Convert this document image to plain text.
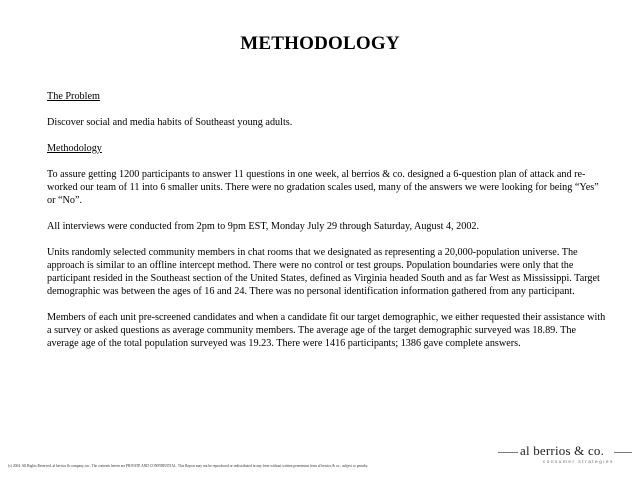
METHODOLOGY

The Problem

Discover social and media habits of Southeast young adults.

Methodology

To assure getting 1200 participants to answer 11 questions in one week, al berrios & co. designed a 6-question plan of attack and re-worked our team of 11 into 6 smaller units. There were no gradation scales used, many of the answers we were looking for being “Yes” or “No”.

All interviews were conducted from 2pm to 9pm EST, Monday July 29 through Saturday, August 4, 2002.

Units randomly selected community members in chat rooms that we designated as representing a 20,000-population universe. The approach is similar to an offline intercept method. There were no control or test groups. Population boundaries were only that the participant resided in the Southeast section of the United States, defined as Virginia headed South and as far West as Mississippi. Target demographic was between the ages of 16 and 24. There was no personal identification information gathered from any participant.

Members of each unit pre-screened candidates and when a candidate fit our target demographic, we either requested their assistance with a survey or asked questions as average community members. The average age of the target demographic surveyed was 18.89. The average age of the total population surveyed was 19.23. There were 1416 participants; 1386 gave complete answers.

al berrios & co.
consumer strategies
(c) 2004. All Rights Reserved. al berrios & company, inc. The contents herein are PRIVATE AND CONFIDENTIAL. This Report may not be reproduced or redistributed in any form without written permission from al berrios & co., subject to penalty.
